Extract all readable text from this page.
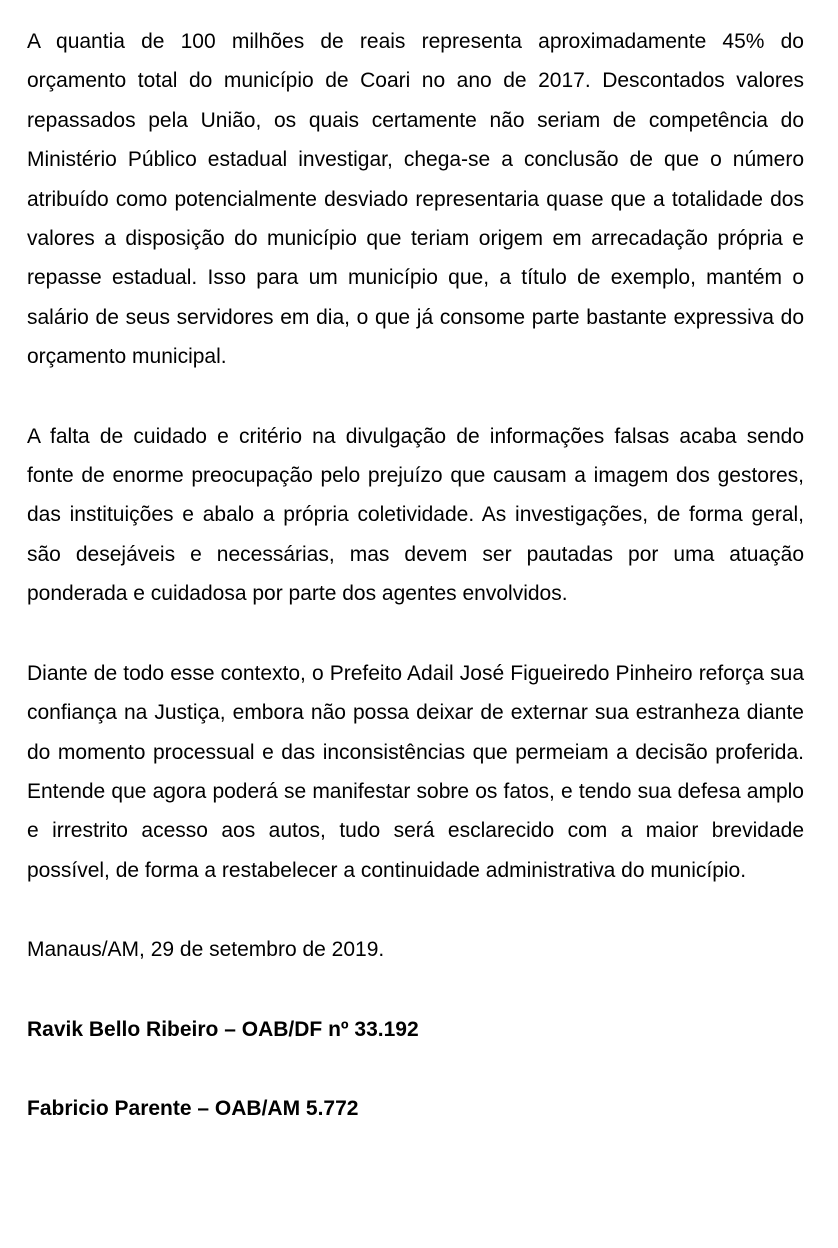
A quantia de 100 milhões de reais representa aproximadamente 45% do orçamento total do município de Coari no ano de 2017. Descontados valores repassados pela União, os quais certamente não seriam de competência do Ministério Público estadual investigar, chega-se a conclusão de que o número atribuído como potencialmente desviado representaria quase que a totalidade dos valores a disposição do município que teriam origem em arrecadação própria e repasse estadual. Isso para um município que, a título de exemplo, mantém o salário de seus servidores em dia, o que já consome parte bastante expressiva do orçamento municipal.

A falta de cuidado e critério na divulgação de informações falsas acaba sendo fonte de enorme preocupação pelo prejuízo que causam a imagem dos gestores, das instituições e abalo a própria coletividade. As investigações, de forma geral, são desejáveis e necessárias, mas devem ser pautadas por uma atuação ponderada e cuidadosa por parte dos agentes envolvidos.

Diante de todo esse contexto, o Prefeito Adail José Figueiredo Pinheiro reforça sua confiança na Justiça, embora não possa deixar de externar sua estranheza diante do momento processual e das inconsistências que permeiam a decisão proferida. Entende que agora poderá se manifestar sobre os fatos, e tendo sua defesa amplo e irrestrito acesso aos autos, tudo será esclarecido com a maior brevidade possível, de forma a restabelecer a continuidade administrativa do município.

Manaus/AM, 29 de setembro de 2019.

Ravik Bello Ribeiro – OAB/DF nº 33.192

Fabricio Parente – OAB/AM 5.772
